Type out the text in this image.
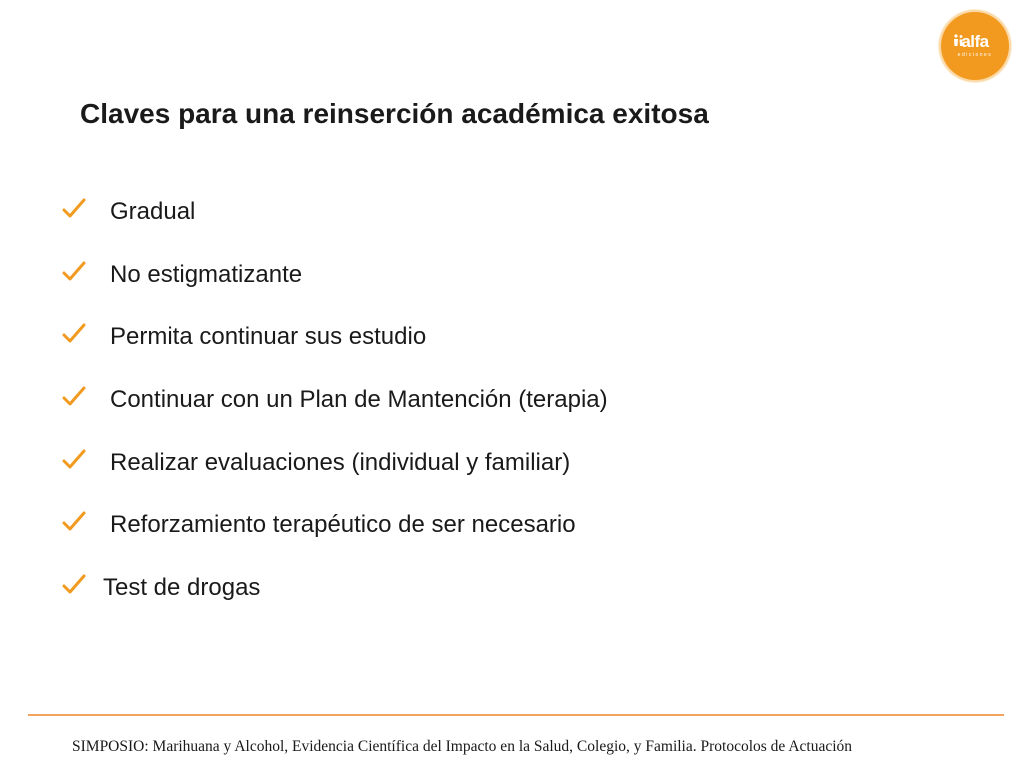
alfa
ediciones
Claves para una reinserción académica exitosa
Gradual
No estigmatizante
Permita continuar sus estudio
Continuar con un Plan de Mantención (terapia)
Realizar evaluaciones (individual y familiar)
Reforzamiento terapéutico de ser necesario
Test de drogas
SIMPOSIO: Marihuana y Alcohol, Evidencia Científica del Impacto en la Salud, Colegio, y Familia. Protocolos de Actuación
